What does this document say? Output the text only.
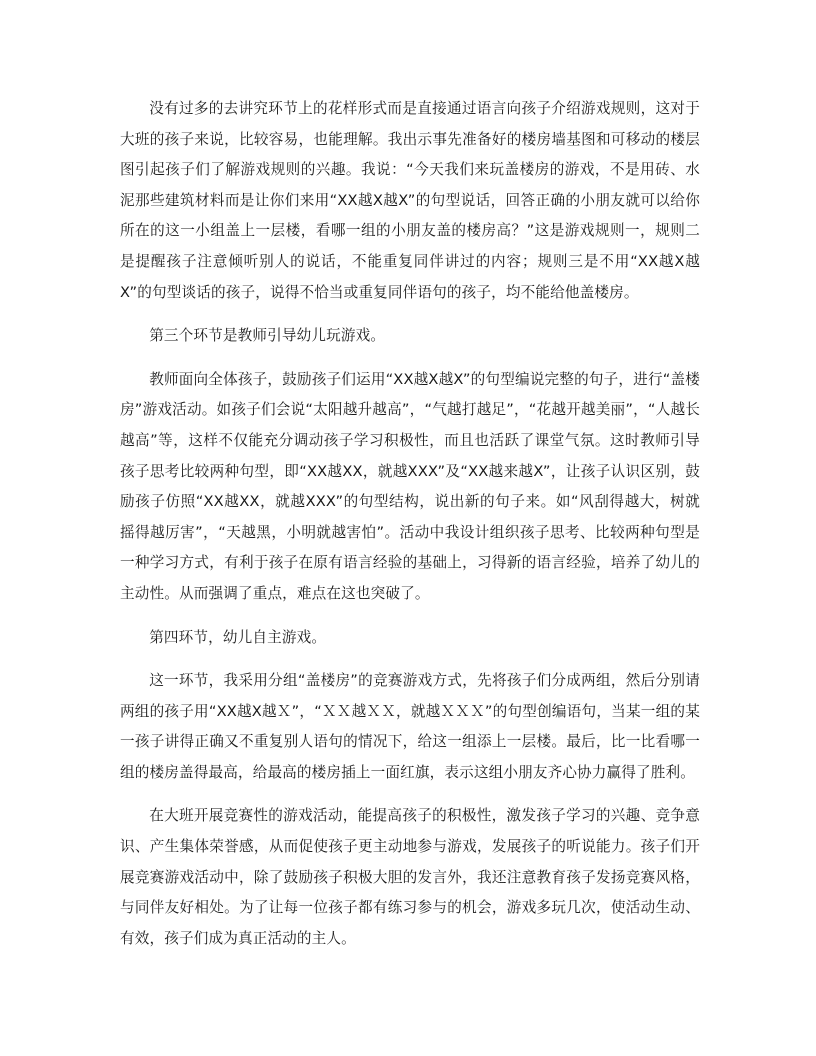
没有过多的去讲究环节上的花样形式而是直接通过语言向孩子介绍游戏规则，这对于大班的孩子来说，比较容易，也能理解。我出示事先准备好的楼房墙基图和可移动的楼层图引起孩子们了解游戏规则的兴趣。我说：“今天我们来玩盖楼房的游戏，不是用砖、水泥那些建筑材料而是让你们来用“XX越X越X”的句型说话，回答正确的小朋友就可以给你所在的这一小组盖上一层楼，看哪一组的小朋友盖的楼房高？”这是游戏规则一，规则二是提醒孩子注意倾听别人的说话，不能重复同伴讲过的内容；规则三是不用“XX越X越X”的句型谈话的孩子，说得不恰当或重复同伴语句的孩子，均不能给他盖楼房。

第三个环节是教师引导幼儿玩游戏。

教师面向全体孩子，鼓励孩子们运用“XX越X越X”的句型编说完整的句子，进行“盖楼房”游戏活动。如孩子们会说“太阳越升越高”，“气越打越足”，“花越开越美丽”，“人越长越高”等，这样不仅能充分调动孩子学习积极性，而且也活跃了课堂气氛。这时教师引导孩子思考比较两种句型，即“XX越XX，就越XXX”及“XX越来越X”，让孩子认识区别，鼓励孩子仿照“XX越XX，就越XXX”的句型结构，说出新的句子来。如“风刮得越大，树就摇得越厉害”，“天越黑，小明就越害怕”。活动中我设计组织孩子思考、比较两种句型是一种学习方式，有利于孩子在原有语言经验的基础上，习得新的语言经验，培养了幼儿的主动性。从而强调了重点，难点在这也突破了。

第四环节，幼儿自主游戏。

这一环节，我采用分组“盖楼房”的竞赛游戏方式，先将孩子们分成两组，然后分别请两组的孩子用“XX越X越Ｘ”，“ＸＸ越ＸＸ，就越ＸＸＸ”的句型创编语句，当某一组的某一孩子讲得正确又不重复别人语句的情况下，给这一组添上一层楼。最后，比一比看哪一组的楼房盖得最高，给最高的楼房插上一面红旗，表示这组小朋友齐心协力赢得了胜利。

在大班开展竞赛性的游戏活动，能提高孩子的积极性，激发孩子学习的兴趣、竞争意识、产生集体荣誉感，从而促使孩子更主动地参与游戏，发展孩子的听说能力。孩子们开展竞赛游戏活动中，除了鼓励孩子积极大胆的发言外，我还注意教育孩子发扬竞赛风格，与同伴友好相处。为了让每一位孩子都有练习参与的机会，游戏多玩几次，使活动生动、有效，孩子们成为真正活动的主人。
